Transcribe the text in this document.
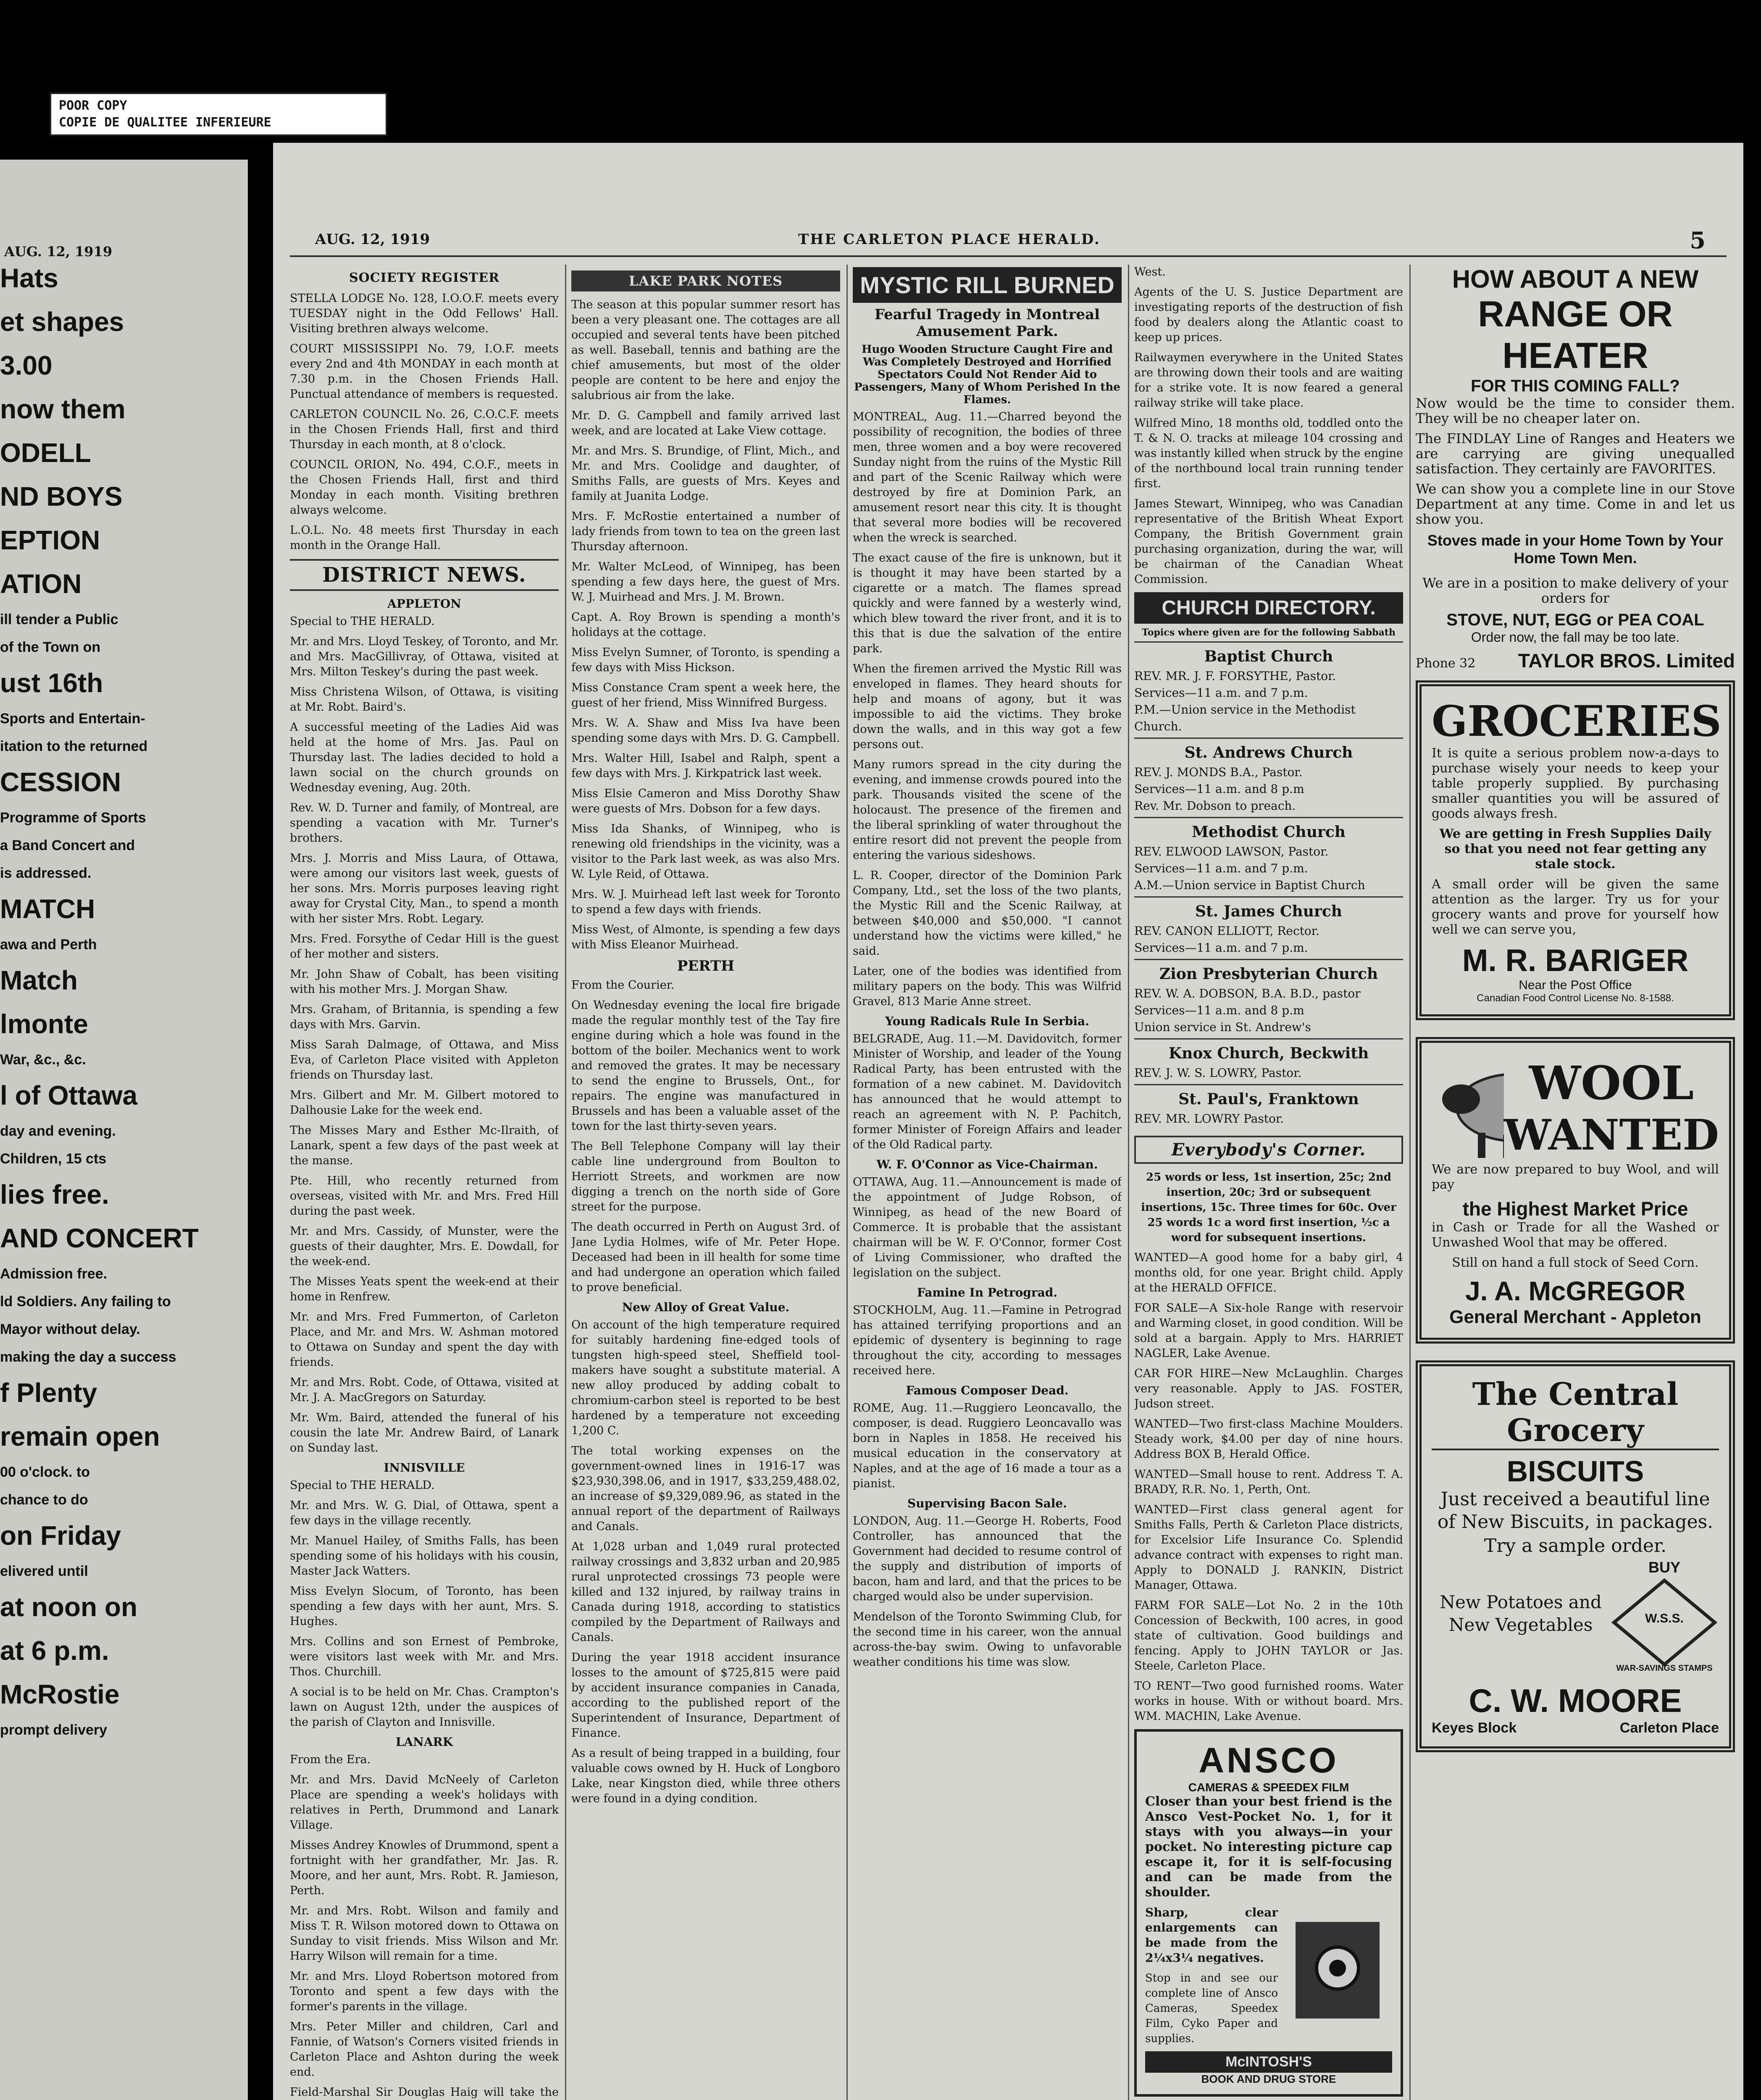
Hats
et shapes
3.00
now them
ODELL
ND BOYS
EPTION
ATION
ill tender a Public
of the Town on
ust 16th
Sports and Entertain-
itation to the returned
CESSION
Programme of Sports
a Band Concert and
is addressed.
MATCH
awa and Perth
Match
lmonte
War, &c., &c.
l of Ottawa
day and evening.
Children, 15 cts
lies free.
AND CONCERT
Admission free.
ld Soldiers. Any failing to
Mayor without delay.
making the day a success
f Plenty
remain open
00 o'clock. to
chance to do
on Friday
elivered until
at noon on
at 6 p.m.
McRostie
prompt delivery
AUG. 12, 1919
POOR COPY
COPIE DE QUALITEE INFERIEURE
AUG. 12, 1919	THE CARLETON PLACE HERALD.	5
SOCIETY REGISTER

STELLA LODGE No. 128, I.O.O.F. meets every TUESDAY night in the Odd Fellows' Hall. Visiting brethren always welcome.

COURT MISSISSIPPI No. 79, I.O.F. meets every 2nd and 4th MONDAY in each month at 7.30 p.m. in the Chosen Friends Hall. Punctual attendance of members is requested.

CARLETON COUNCIL No. 26, C.O.C.F. meets in the Chosen Friends Hall, first and third Thursday in each month, at 8 o'clock.

COUNCIL ORION, No. 494, C.O.F., meets in the Chosen Friends Hall, first and third Monday in each month. Visiting brethren always welcome.

L.O.L. No. 48 meets first Thursday in each month in the Orange Hall.

DISTRICT NEWS.
APPLETON

Special to THE HERALD.

Mr. and Mrs. Lloyd Teskey, of Toronto, and Mr. and Mrs. MacGillivray, of Ottawa, visited at Mrs. Milton Teskey's during the past week.

Miss Christena Wilson, of Ottawa, is visiting at Mr. Robt. Baird's.

A successful meeting of the Ladies Aid was held at the home of Mrs. Jas. Paul on Thursday last. The ladies decided to hold a lawn social on the church grounds on Wednesday evening, Aug. 20th.

Rev. W. D. Turner and family, of Montreal, are spending a vacation with Mr. Turner's brothers.

Mrs. J. Morris and Miss Laura, of Ottawa, were among our visitors last week, guests of her sons. Mrs. Morris purposes leaving right away for Crystal City, Man., to spend a month with her sister Mrs. Robt. Legary.

Mrs. Fred. Forsythe of Cedar Hill is the guest of her mother and sisters.

Mr. John Shaw of Cobalt, has been visiting with his mother Mrs. J. Morgan Shaw.

Mrs. Graham, of Britannia, is spending a few days with Mrs. Garvin.

Miss Sarah Dalmage, of Ottawa, and Miss Eva, of Carleton Place visited with Appleton friends on Thursday last.

Mrs. Gilbert and Mr. M. Gilbert motored to Dalhousie Lake for the week end.

The Misses Mary and Esther Mc-Ilraith, of Lanark, spent a few days of the past week at the manse.

Pte. Hill, who recently returned from overseas, visited with Mr. and Mrs. Fred Hill during the past week.

Mr. and Mrs. Cassidy, of Munster, were the guests of their daughter, Mrs. E. Dowdall, for the week-end.

The Misses Yeats spent the week-end at their home in Renfrew.

Mr. and Mrs. Fred Fummerton, of Carleton Place, and Mr. and Mrs. W. Ashman motored to Ottawa on Sunday and spent the day with friends.

Mr. and Mrs. Robt. Code, of Ottawa, visited at Mr. J. A. MacGregors on Saturday.

Mr. Wm. Baird, attended the funeral of his cousin the late Mr. Andrew Baird, of Lanark on Sunday last.

INNISVILLE

Special to THE HERALD.

Mr. and Mrs. W. G. Dial, of Ottawa, spent a few days in the village recently.

Mr. Manuel Hailey, of Smiths Falls, has been spending some of his holidays with his cousin, Master Jack Watters.

Miss Evelyn Slocum, of Toronto, has been spending a few days with her aunt, Mrs. S. Hughes.

Mrs. Collins and son Ernest of Pembroke, were visitors last week with Mr. and Mrs. Thos. Churchill.

A social is to be held on Mr. Chas. Crampton's lawn on August 12th, under the auspices of the parish of Clayton and Innisville.

LANARK

From the Era.

Mr. and Mrs. David McNeely of Carleton Place are spending a week's holidays with relatives in Perth, Drummond and Lanark Village.

Misses Andrey Knowles of Drummond, spent a fortnight with her grandfather, Mr. Jas. R. Moore, and her aunt, Mrs. Robt. R. Jamieson, Perth.

Mr. and Mrs. Robt. Wilson and family and Miss T. R. Wilson motored down to Ottawa on Sunday to visit friends. Miss Wilson and Mr. Harry Wilson will remain for a time.

Mr. and Mrs. Lloyd Robertson motored from Toronto and spent a few days with the former's parents in the village.

Mrs. Peter Miller and children, Carl and Fannie, of Watson's Corners visited friends in Carleton Place and Ashton during the week end.

Field-Marshal Sir Douglas Haig will take the

LAKE PARK NOTES

The season at this popular summer resort has been a very pleasant one. The cottages are all occupied and several tents have been pitched as well. Baseball, tennis and bathing are the chief amusements, but most of the older people are content to be here and enjoy the salubrious air from the lake.

Mr. D. G. Campbell and family arrived last week, and are located at Lake View cottage.

Mr. and Mrs. S. Brundige, of Flint, Mich., and Mr. and Mrs. Coolidge and daughter, of Smiths Falls, are guests of Mrs. Keyes and family at Juanita Lodge.

Mrs. F. McRostie entertained a number of lady friends from town to tea on the green last Thursday afternoon.

Mr. Walter McLeod, of Winnipeg, has been spending a few days here, the guest of Mrs. W. J. Muirhead and Mrs. J. M. Brown.

Capt. A. Roy Brown is spending a month's holidays at the cottage.

Miss Evelyn Sumner, of Toronto, is spending a few days with Miss Hickson.

Miss Constance Cram spent a week here, the guest of her friend, Miss Winnifred Burgess.

Mrs. W. A. Shaw and Miss Iva have been spending some days with Mrs. D. G. Campbell.

Mrs. Walter Hill, Isabel and Ralph, spent a few days with Mrs. J. Kirkpatrick last week.

Miss Elsie Cameron and Miss Dorothy Shaw were guests of Mrs. Dobson for a few days.

Miss Ida Shanks, of Winnipeg, who is renewing old friendships in the vicinity, was a visitor to the Park last week, as was also Mrs. W. Lyle Reid, of Ottawa.

Mrs. W. J. Muirhead left last week for Toronto to spend a few days with friends.

Miss West, of Almonte, is spending a few days with Miss Eleanor Muirhead.

PERTH

From the Courier.

On Wednesday evening the local fire brigade made the regular monthly test of the Tay fire engine during which a hole was found in the bottom of the boiler. Mechanics went to work and removed the grates. It may be necessary to send the engine to Brussels, Ont., for repairs. The engine was manufactured in Brussels and has been a valuable asset of the town for the last thirty-seven years.

The Bell Telephone Company will lay their cable line underground from Boulton to Herriott Streets, and workmen are now digging a trench on the north side of Gore street for the purpose.

The death occurred in Perth on August 3rd. of Jane Lydia Holmes, wife of Mr. Peter Hope. Deceased had been in ill health for some time and had undergone an operation which failed to prove beneficial.

New Alloy of Great Value.

On account of the high temperature required for suitably hardening fine-edged tools of tungsten high-speed steel, Sheffield tool-makers have sought a substitute material. A new alloy produced by adding cobalt to chromium-carbon steel is reported to be best hardened by a temperature not exceeding 1,200 C.

The total working expenses on the government-owned lines in 1916-17 was $23,930,398.06, and in 1917, $33,259,488.02, an increase of $9,329,089.96, as stated in the annual report of the department of Railways and Canals.

At 1,028 urban and 1,049 rural protected railway crossings and 3,832 urban and 20,985 rural unprotected crossings 73 people were killed and 132 injured, by railway trains in Canada during 1918, according to statistics compiled by the Department of Railways and Canals.

During the year 1918 accident insurance losses to the amount of $725,815 were paid by accident insurance companies in Canada, according to the published report of the Superintendent of Insurance, Department of Finance.

As a result of being trapped in a building, four valuable cows owned by H. Huck of Longboro Lake, near Kingston died, while three others were found in a dying condition.

MYSTIC RILL BURNED
Fearful Tragedy in Montreal Amusement Park.
Hugo Wooden Structure Caught Fire and Was Completely Destroyed and Horrified Spectators Could Not Render Aid to Passengers, Many of Whom Perished In the Flames.

MONTREAL, Aug. 11.—Charred beyond the possibility of recognition, the bodies of three men, three women and a boy were recovered Sunday night from the ruins of the Mystic Rill and part of the Scenic Railway which were destroyed by fire at Dominion Park, an amusement resort near this city. It is thought that several more bodies will be recovered when the wreck is searched.

The exact cause of the fire is unknown, but it is thought it may have been started by a cigarette or a match. The flames spread quickly and were fanned by a westerly wind, which blew toward the river front, and it is to this that is due the salvation of the entire park.

When the firemen arrived the Mystic Rill was enveloped in flames. They heard shouts for help and moans of agony, but it was impossible to aid the victims. They broke down the walls, and in this way got a few persons out.

Many rumors spread in the city during the evening, and immense crowds poured into the park. Thousands visited the scene of the holocaust. The presence of the firemen and the liberal sprinkling of water throughout the entire resort did not prevent the people from entering the various sideshows.

L. R. Cooper, director of the Dominion Park Company, Ltd., set the loss of the two plants, the Mystic Rill and the Scenic Railway, at between $40,000 and $50,000. "I cannot understand how the victims were killed," he said.

Later, one of the bodies was identified from military papers on the body. This was Wilfrid Gravel, 813 Marie Anne street.

Young Radicals Rule In Serbia.

BELGRADE, Aug. 11.—M. Davidovitch, former Minister of Worship, and leader of the Young Radical Party, has been entrusted with the formation of a new cabinet. M. Davidovitch has announced that he would attempt to reach an agreement with N. P. Pachitch, former Minister of Foreign Affairs and leader of the Old Radical party.

W. F. O'Connor as Vice-Chairman.

OTTAWA, Aug. 11.—Announcement is made of the appointment of Judge Robson, of Winnipeg, as head of the new Board of Commerce. It is probable that the assistant chairman will be W. F. O'Connor, former Cost of Living Commissioner, who drafted the legislation on the subject.

Famine In Petrograd.

STOCKHOLM, Aug. 11.—Famine in Petrograd has attained terrifying proportions and an epidemic of dysentery is beginning to rage throughout the city, according to messages received here.

Famous Composer Dead.

ROME, Aug. 11.—Ruggiero Leoncavallo, the composer, is dead. Ruggiero Leoncavallo was born in Naples in 1858. He received his musical education in the conservatory at Naples, and at the age of 16 made a tour as a pianist.

Supervising Bacon Sale.

LONDON, Aug. 11.—George H. Roberts, Food Controller, has announced that the Government had decided to resume control of the supply and distribution of imports of bacon, ham and lard, and that the prices to be charged would also be under supervision.

Mendelson of the Toronto Swimming Club, for the second time in his career, won the annual across-the-bay swim. Owing to unfavorable weather conditions his time was slow.

West.

Agents of the U. S. Justice Department are investigating reports of the destruction of fish food by dealers along the Atlantic coast to keep up prices.

Railwaymen everywhere in the United States are throwing down their tools and are waiting for a strike vote. It is now feared a general railway strike will take place.

Wilfred Mino, 18 months old, toddled onto the T. & N. O. tracks at mileage 104 crossing and was instantly killed when struck by the engine of the northbound local train running tender first.

James Stewart, Winnipeg, who was Canadian representative of the British Wheat Export Company, the British Government grain purchasing organization, during the war, will be chairman of the Canadian Wheat Commission.

CHURCH DIRECTORY.
Topics where given are for the following Sabbath
Baptist Church
REV. MR. J. F. FORSYTHE, Pastor.
Services—11 a.m. and 7 p.m.
P.M.—Union service in the Methodist Church.
St. Andrews Church
REV. J. MONDS B.A., Pastor.
Services—11 a.m. and 8 p.m
Rev. Mr. Dobson to preach.
Methodist Church
REV. ELWOOD LAWSON, Pastor.
Services—11 a.m. and 7 p.m.
A.M.—Union service in Baptist Church
St. James Church
REV. CANON ELLIOTT, Rector.
Services—11 a.m. and 7 p.m.
Zion Presbyterian Church
REV. W. A. DOBSON, B.A. B.D., pastor
Services—11 a.m. and 8 p.m
Union service in St. Andrew's
Knox Church, Beckwith
REV. J. W. S. LOWRY, Pastor.
St. Paul's, Franktown
REV. MR. LOWRY Pastor.
Everybody's Corner.

25 words or less, 1st insertion, 25c; 2nd insertion, 20c; 3rd or subsequent insertions, 15c. Three times for 60c. Over 25 words 1c a word first insertion, ½c a word for subsequent insertions.

WANTED—A good home for a baby girl, 4 months old, for one year. Bright child. Apply at the HERALD OFFICE.

FOR SALE—A Six-hole Range with reservoir and Warming closet, in good condition. Will be sold at a bargain. Apply to Mrs. HARRIET NAGLER, Lake Avenue.

CAR FOR HIRE—New McLaughlin. Charges very reasonable. Apply to JAS. FOSTER, Judson street.

WANTED—Two first-class Machine Moulders. Steady work, $4.00 per day of nine hours. Address BOX B, Herald Office.

WANTED—Small house to rent. Address T. A. BRADY, R.R. No. 1, Perth, Ont.

WANTED—First class general agent for Smiths Falls, Perth & Carleton Place districts, for Excelsior Life Insurance Co. Splendid advance contract with expenses to right man. Apply to DONALD J. RANKIN, District Manager, Ottawa.

FARM FOR SALE—Lot No. 2 in the 10th Concession of Beckwith, 100 acres, in good state of cultivation. Good buildings and fencing. Apply to JOHN TAYLOR or Jas. Steele, Carleton Place.

TO RENT—Two good furnished rooms. Water works in house. With or without board. Mrs. WM. MACHIN, Lake Avenue.

ANSCO
CAMERAS & SPEEDEX FILM

Closer than your best friend is the Ansco Vest-Pocket No. 1, for it stays with you always—in your pocket. No interesting picture cap escape it, for it is self-focusing and can be made from the shoulder.

Sharp, clear enlargements can be made from the 2¼x3¼ negatives.

Stop in and see our complete line of Ansco Cameras, Speedex Film, Cyko Paper and supplies.

McINTOSH'S
BOOK AND DRUG STORE
HOW ABOUT A NEW
RANGE OR HEATER
FOR THIS COMING FALL?

Now would be the time to consider them. They will be no cheaper later on.

The FINDLAY Line of Ranges and Heaters we are carrying are giving unequalled satisfaction. They certainly are FAVORITES.

We can show you a complete line in our Stove Department at any time. Come in and let us show you.

Stoves made in your Home Town by Your Home Town Men.

We are in a position to make delivery of your orders for

STOVE, NUT, EGG or PEA COAL
Order now, the fall may be too late.
Phone 32 TAYLOR BROS. Limited
GROCERIES

It is quite a serious problem now-a-days to purchase wisely your needs to keep your table properly supplied. By purchasing smaller quantities you will be assured of goods always fresh.

We are getting in Fresh Supplies Daily so that you need not fear getting any stale stock.

A small order will be given the same attention as the larger. Try us for your grocery wants and prove for yourself how well we can serve you,

M. R. BARIGER
Near the Post Office
Canadian Food Control License No. 8-1588.
WOOL
WANTED

We are now prepared to buy Wool, and will pay

the Highest Market Price

in Cash or Trade for all the Washed or Unwashed Wool that may be offered.

Still on hand a full stock of Seed Corn.

J. A. McGREGOR
General Merchant - Appleton
The Central Grocery
BISCUITS

Just received a beautiful line of New Biscuits, in packages.

Try a sample order.

New Potatoes and New Vegetables

BUY
W.S.S.
WAR-SAVINGS STAMPS
C. W. MOORE
Keyes Block	Carleton Place
